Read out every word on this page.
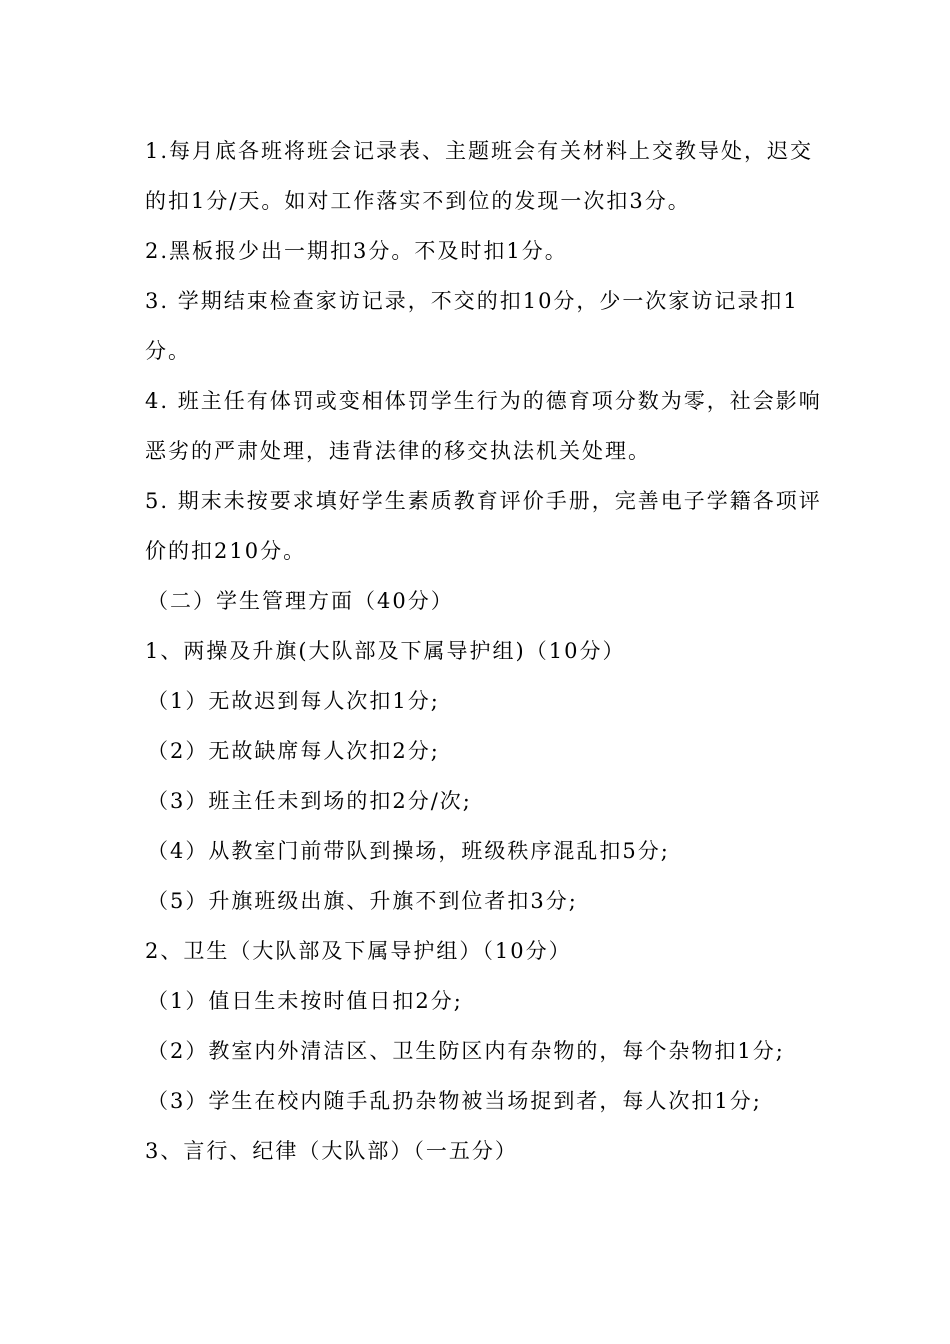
1.每月底各班将班会记录表、主题班会有关材料上交教导处，迟交
的扣1分/天。如对工作落实不到位的发现一次扣3分。
2.黑板报少出一期扣3分。不及时扣1分。
3. 学期结束检查家访记录，不交的扣10分，少一次家访记录扣1
分。
4. 班主任有体罚或变相体罚学生行为的德育项分数为零，社会影响
恶劣的严肃处理，违背法律的移交执法机关处理。
5. 期末未按要求填好学生素质教育评价手册，完善电子学籍各项评
价的扣210分。
（二）学生管理方面（40分）
1、两操及升旗(大队部及下属导护组)（10分）
（1）无故迟到每人次扣1分;
（2）无故缺席每人次扣2分;
（3）班主任未到场的扣2分/次;
（4）从教室门前带队到操场，班级秩序混乱扣5分;
（5）升旗班级出旗、升旗不到位者扣3分;
2、卫生（大队部及下属导护组）（10分）
（1）值日生未按时值日扣2分;
（2）教室内外清洁区、卫生防区内有杂物的，每个杂物扣1分;
（3）学生在校内随手乱扔杂物被当场捉到者，每人次扣1分;
3、言行、纪律（大队部）（一五分）
